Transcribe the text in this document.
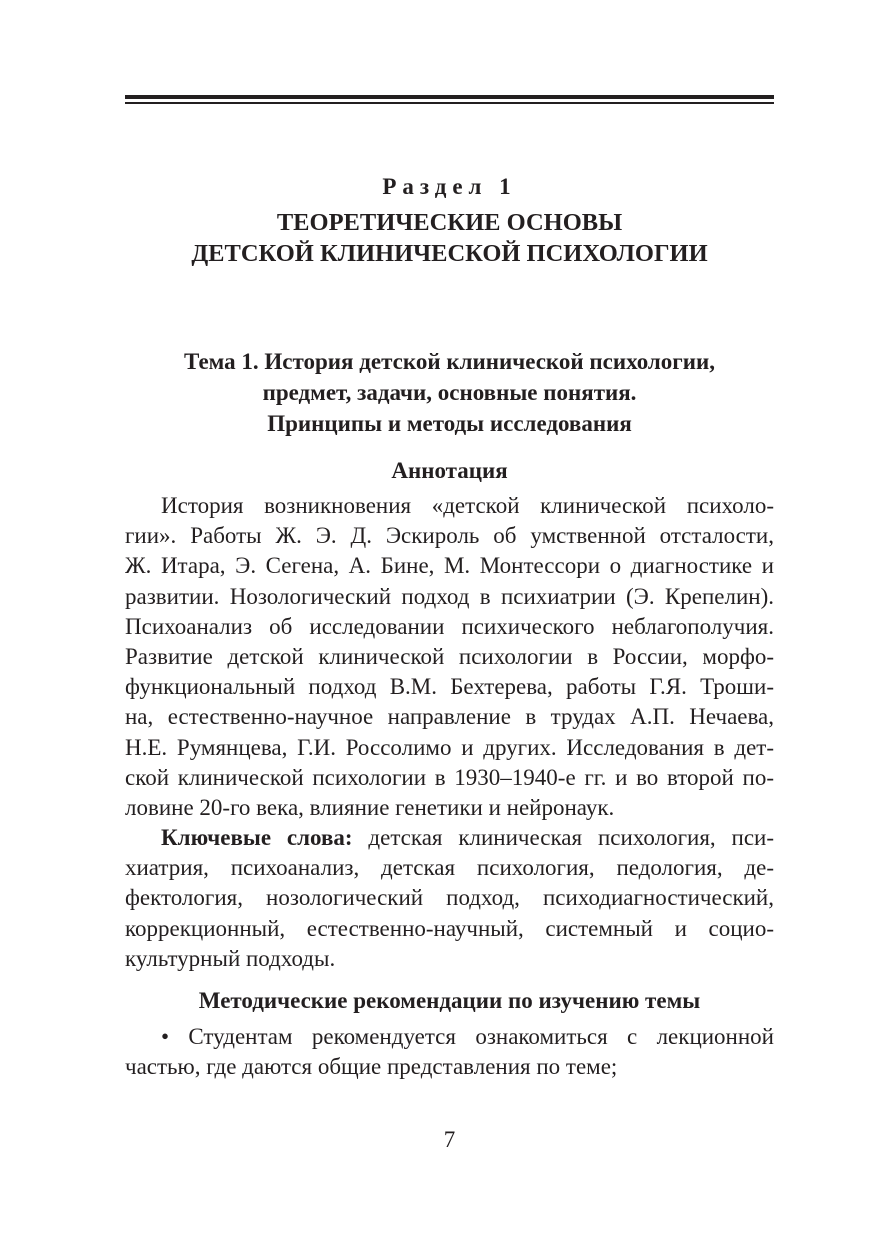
Раздел 1
ТЕОРЕТИЧЕСКИЕ ОСНОВЫ
ДЕТСКОЙ КЛИНИЧЕСКОЙ ПСИХОЛОГИИ
Тема 1. История детской клинической психологии,
предмет, задачи, основные понятия.
Принципы и методы исследования
Аннотация
История возникновения «детской клинической психоло-
гии». Работы Ж. Э. Д. Эскироль об умственной отсталости,
Ж. Итара, Э. Сегена, А. Бине, М. Монтессори о диагностике и
развитии. Нозологический подход в психиатрии (Э. Крепелин).
Психоанализ об исследовании психического неблагополучия.
Развитие детской клинической психологии в России, морфо-
функциональный подход В.М. Бехтерева, работы Г.Я. Троши-
на, естественно-научное направление в трудах А.П. Нечаева,
Н.Е. Румянцева, Г.И. Россолимо и других. Исследования в дет-
ской клинической психологии в 1930–1940-е гг. и во второй по-
ловине 20-го века, влияние генетики и нейронаук.
Ключевые слова: детская клиническая психология, пси-
хиатрия, психоанализ, детская психология, педология, де-
фектология, нозологический подход, психодиагностический,
коррекционный, естественно-научный, системный и социо-
культурный подходы.
Методические рекомендации по изучению темы
• Студентам рекомендуется ознакомиться с лекционной
частью, где даются общие представления по теме;
7
